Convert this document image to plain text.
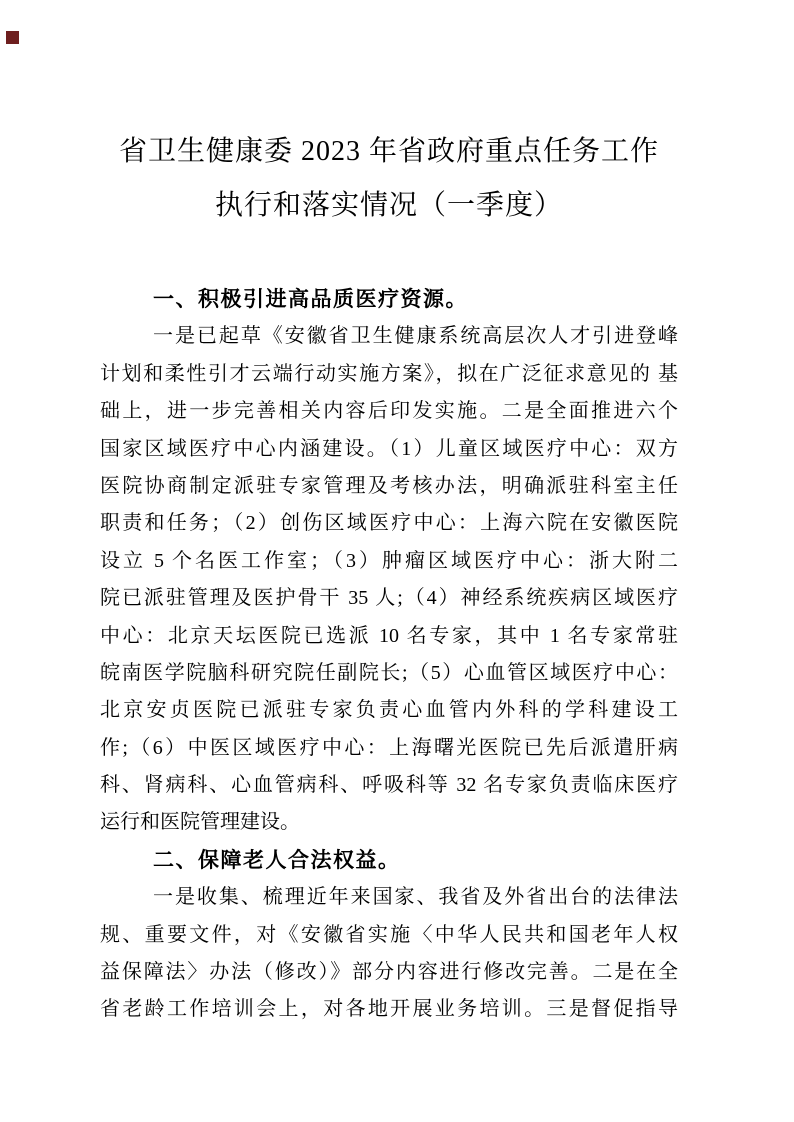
省卫生健康委 2023 年省政府重点任务工作
执行和落实情况（一季度）
一、积极引进高品质医疗资源。
一是已起草《安徽省卫生健康系统高层次人才引进登峰
计划和柔性引才云端行动实施方案》，拟在广泛征求意见的 基
础上，进一步完善相关内容后印发实施。二是全面推进六个
国家区域医疗中心内涵建设。（1）儿童区域医疗中心：双方
医院协商制定派驻专家管理及考核办法，明确派驻科室主任
职责和任务；（2）创伤区域医疗中心：上海六院在安徽医院
设立 5 个名医工作室；（3）肿瘤区域医疗中心：浙大附二
院已派驻管理及医护骨干 35 人;（4）神经系统疾病区域医疗
中心：北京天坛医院已选派 10 名专家，其中 1 名专家常驻
皖南医学院脑科研究院任副院长;（5）心血管区域医疗中心：
北京安贞医院已派驻专家负责心血管内外科的学科建设工
作;（6）中医区域医疗中心：上海曙光医院已先后派遣肝病
科、肾病科、心血管病科、呼吸科等 32 名专家负责临床医疗
运行和医院管理建设。
二、保障老人合法权益。
一是收集、梳理近年来国家、我省及外省出台的法律法
规、重要文件，对《安徽省实施〈中华人民共和国老年人权
益保障法〉办法（修改）》部分内容进行修改完善。二是在全
省老龄工作培训会上，对各地开展业务培训。三是督促指导
